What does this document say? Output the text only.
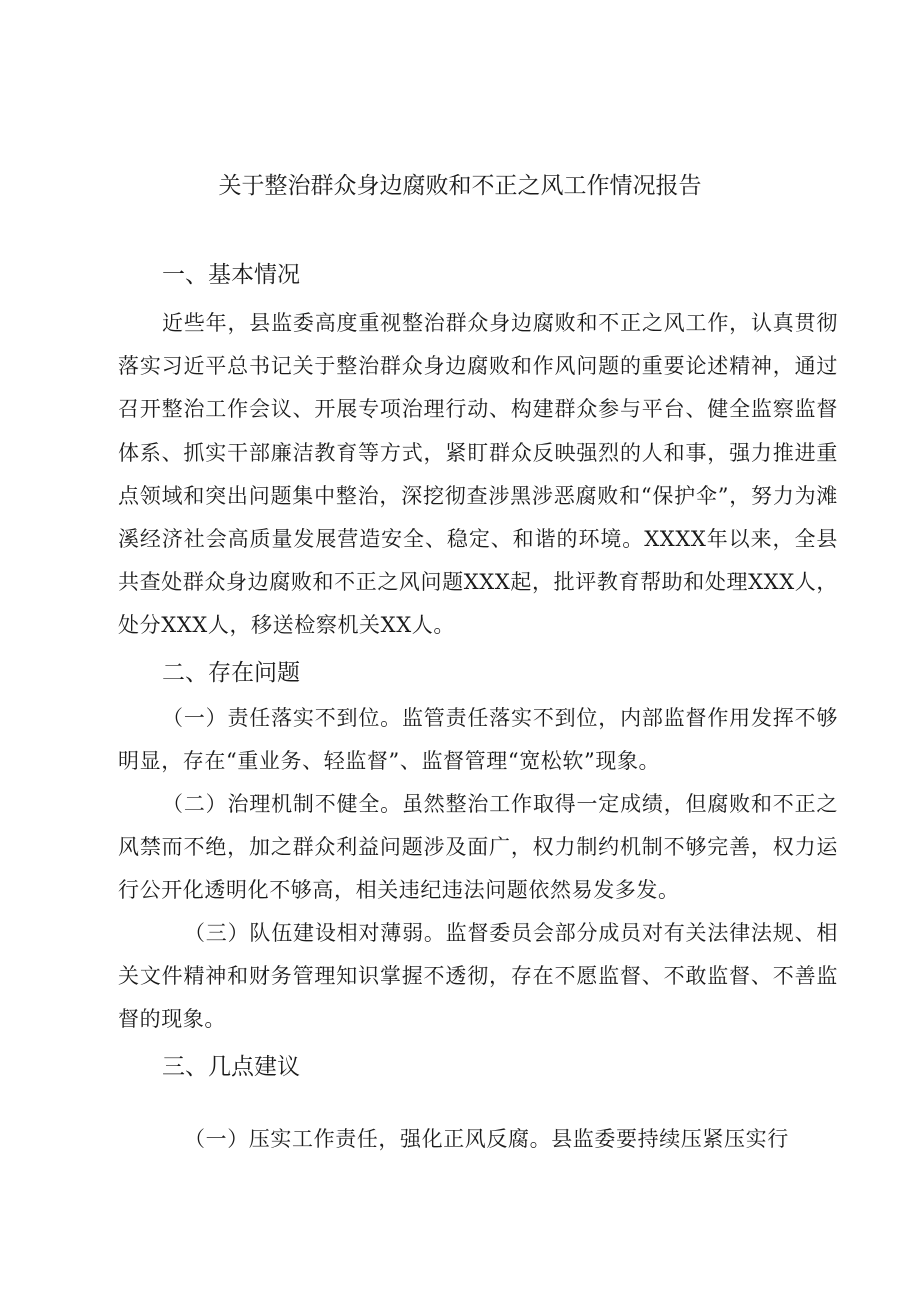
关于整治群众身边腐败和不正之风工作情况报告
一、基本情况

近些年，县监委高度重视整治群众身边腐败和不正之风工作，认真贯彻落实习近平总书记关于整治群众身边腐败和作风问题的重要论述精神，通过召开整治工作会议、开展专项治理行动、构建群众参与平台、健全监察监督体系、抓实干部廉洁教育等方式，紧盯群众反映强烈的人和事，强力推进重点领域和突出问题集中整治，深挖彻查涉黑涉恶腐败和“保护伞”，努力为滩溪经济社会高质量发展营造安全、稳定、和谐的环境。XXXX年以来，全县共查处群众身边腐败和不正之风问题XXX起，批评教育帮助和处理XXX人，处分XXX人，移送检察机关XX人。

二、存在问题

（一）责任落实不到位。监管责任落实不到位，内部监督作用发挥不够明显，存在“重业务、轻监督”、监督管理“宽松软”现象。

（二）治理机制不健全。虽然整治工作取得一定成绩，但腐败和不正之风禁而不绝，加之群众利益问题涉及面广，权力制约机制不够完善，权力运行公开化透明化不够高，相关违纪违法问题依然易发多发。

（三）队伍建设相对薄弱。监督委员会部分成员对有关法律法规、相关文件精神和财务管理知识掌握不透彻，存在不愿监督、不敢监督、不善监督的现象。

三、几点建议

（一）压实工作责任，强化正风反腐。县监委要持续压紧压实行
